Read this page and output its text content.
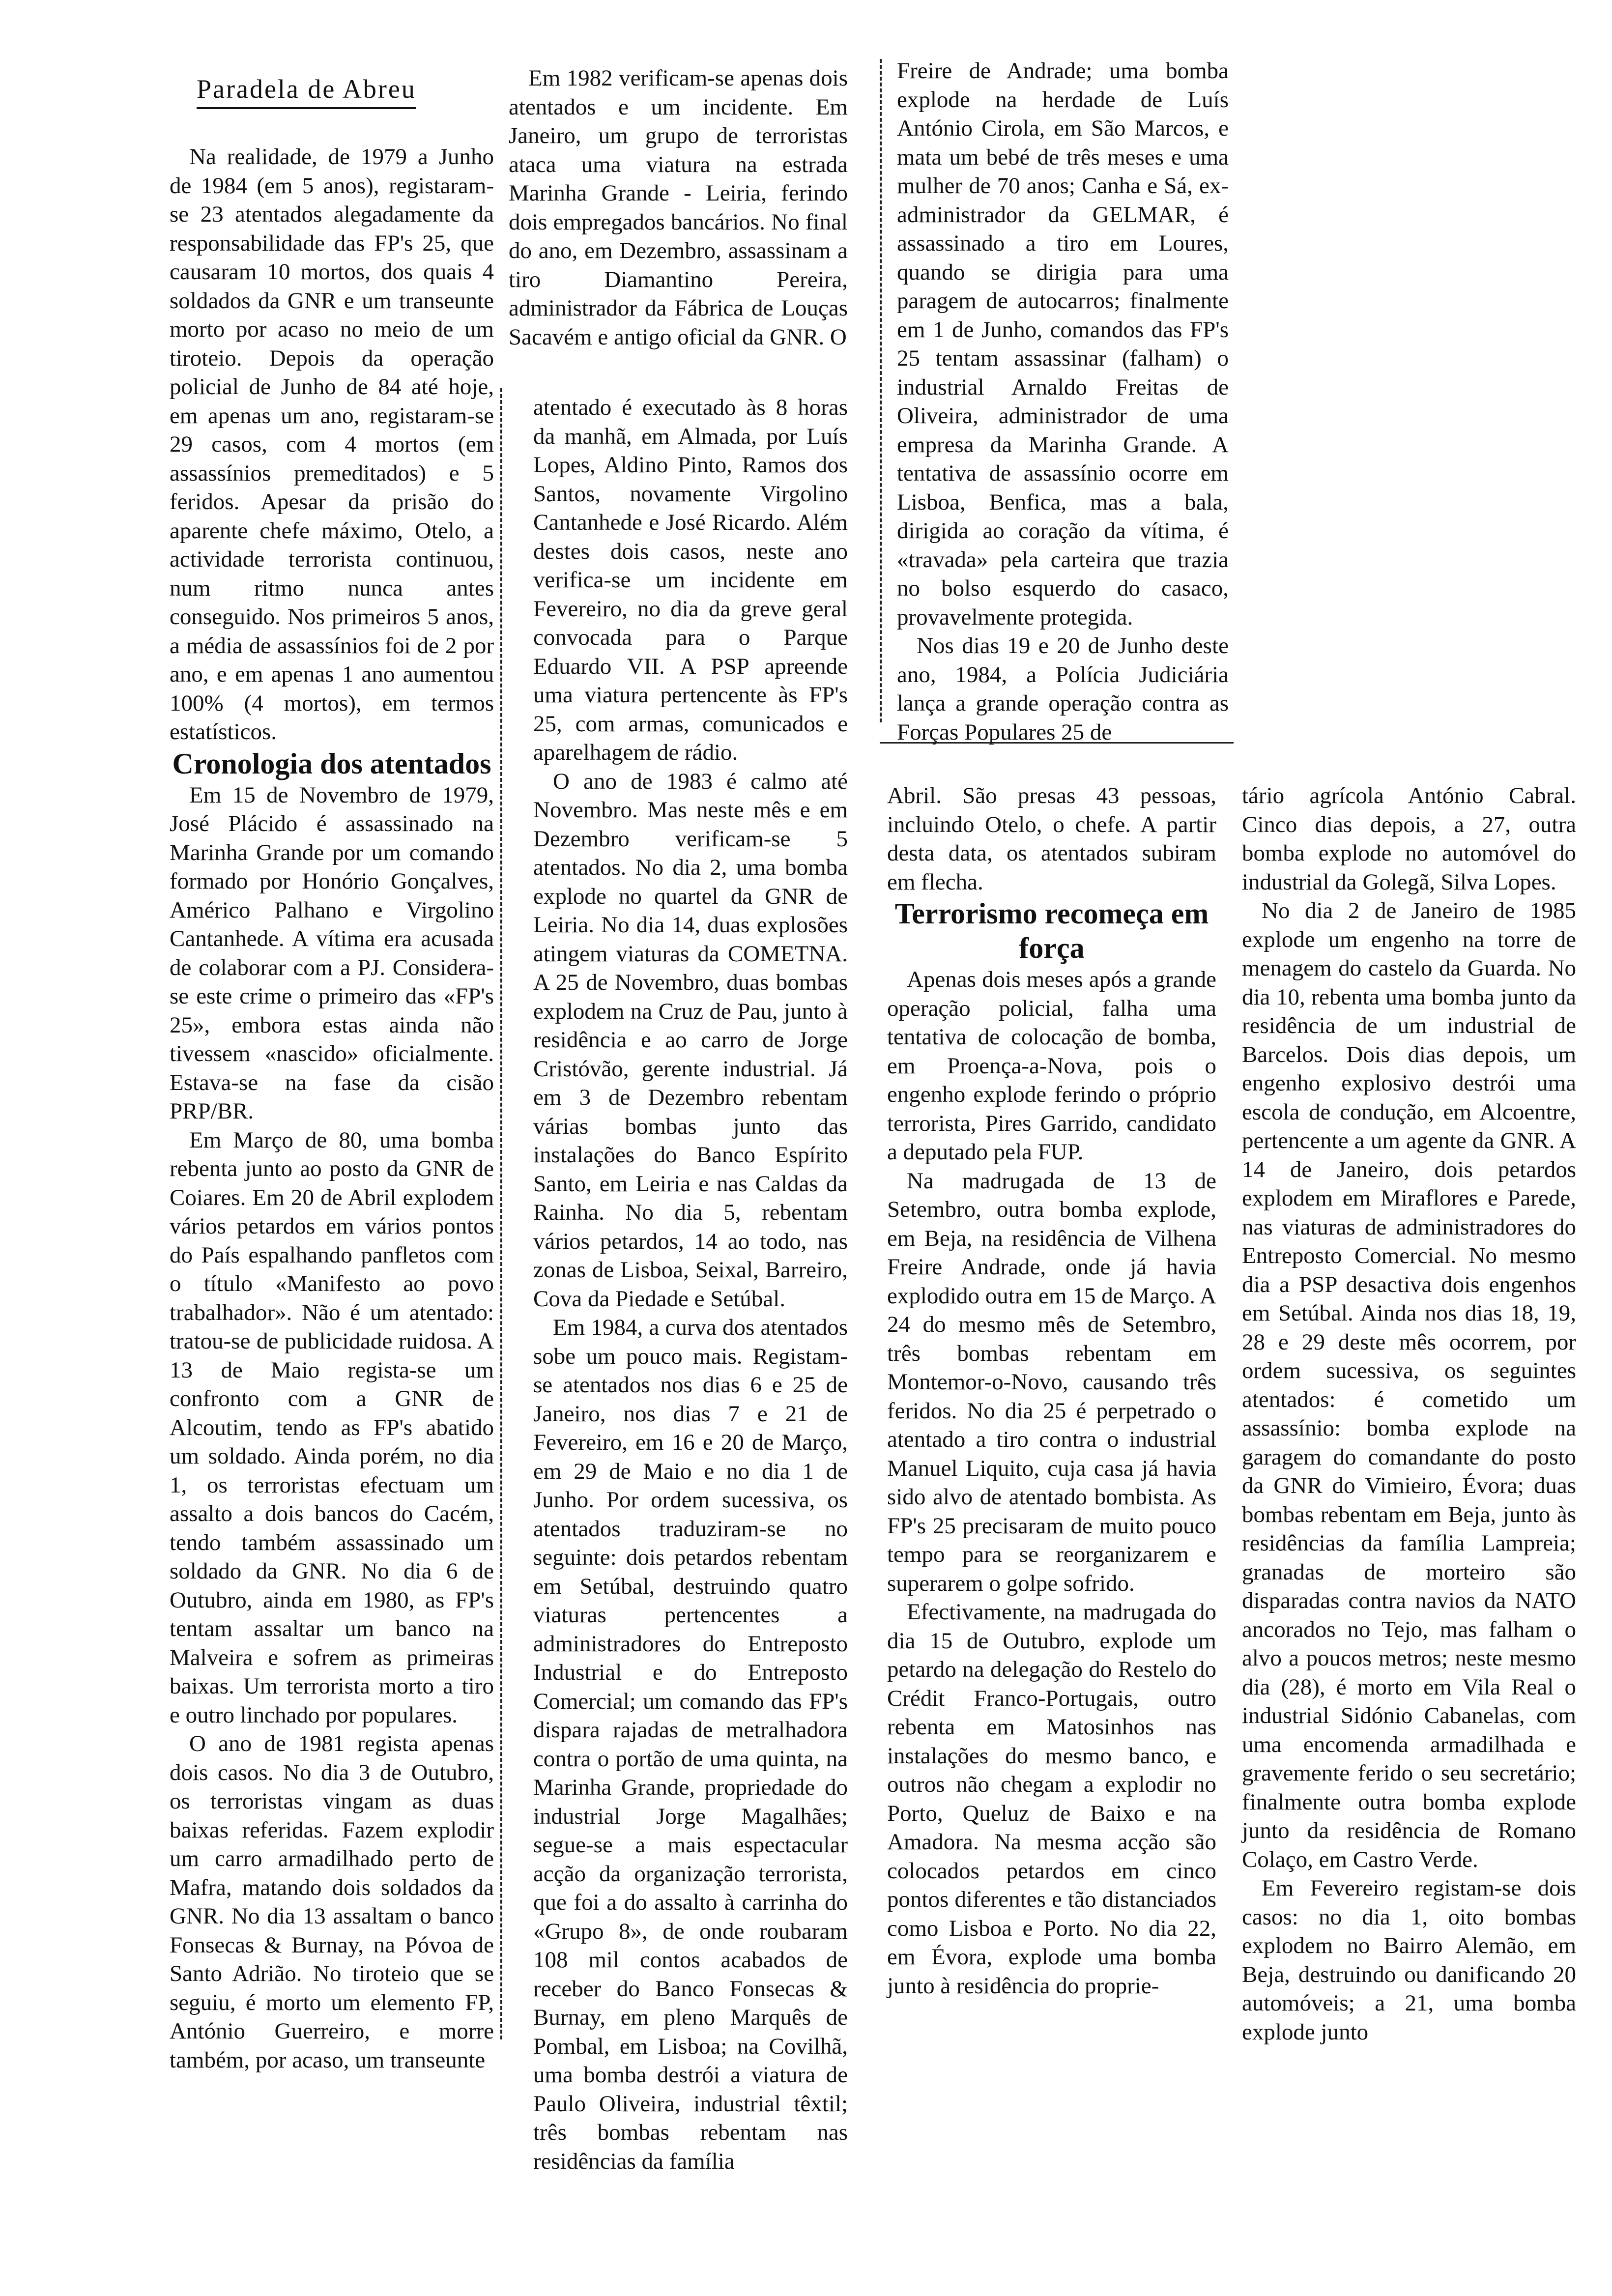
Paradela de Abreu

Na realidade, de 1979 a Junho de 1984 (em 5 anos), registaram-se 23 atentados alegadamente da responsabilidade das FP's 25, que causaram 10 mortos, dos quais 4 soldados da GNR e um transeunte morto por acaso no meio de um tiroteio. Depois da operação policial de Junho de 84 até hoje, em apenas um ano, registaram-se 29 casos, com 4 mortos (em assassínios premeditados) e 5 feridos. Apesar da prisão do aparente chefe máximo, Otelo, a actividade terrorista continuou, num ritmo nunca antes conseguido. Nos primeiros 5 anos, a média de assassínios foi de 2 por ano, e em apenas 1 ano aumentou 100% (4 mortos), em termos estatísticos.

Cronologia dos atentados

Em 15 de Novembro de 1979, José Plácido é assassinado na Marinha Grande por um comando formado por Honório Gonçalves, Américo Palhano e Virgolino Cantanhede. A vítima era acusada de colaborar com a PJ. Considera-se este crime o primeiro das «FP's 25», embora estas ainda não tivessem «nascido» oficialmente. Estava-se na fase da cisão PRP/BR.

Em Março de 80, uma bomba rebenta junto ao posto da GNR de Coiares. Em 20 de Abril explodem vários petardos em vários pontos do País espalhando panfletos com o título «Manifesto ao povo trabalhador». Não é um atentado: tratou-se de publicidade ruidosa. A 13 de Maio regista-se um confronto com a GNR de Alcoutim, tendo as FP's abatido um soldado. Ainda porém, no dia 1, os terroristas efectuam um assalto a dois bancos do Cacém, tendo também assassinado um soldado da GNR. No dia 6 de Outubro, ainda em 1980, as FP's tentam assaltar um banco na Malveira e sofrem as primeiras baixas. Um terrorista morto a tiro e outro linchado por populares.

O ano de 1981 regista apenas dois casos. No dia 3 de Outubro, os terroristas vingam as duas baixas referidas. Fazem explodir um carro armadilhado perto de Mafra, matando dois soldados da GNR. No dia 13 assaltam o banco Fonsecas & Burnay, na Póvoa de Santo Adrião. No tiroteio que se seguiu, é morto um elemento FP, António Guerreiro, e morre também, por acaso, um transeunte

Em 1982 verificam-se apenas dois atentados e um incidente. Em Janeiro, um grupo de terroristas ataca uma viatura na estrada Marinha Grande - Leiria, ferindo dois empregados bancários. No final do ano, em Dezembro, assassinam a tiro Diamantino Pereira, administrador da Fábrica de Louças Sacavém e antigo oficial da GNR. O

atentado é executado às 8 horas da manhã, em Almada, por Luís Lopes, Aldino Pinto, Ramos dos Santos, novamente Virgolino Cantanhede e José Ricardo. Além destes dois casos, neste ano verifica-se um incidente em Fevereiro, no dia da greve geral convocada para o Parque Eduardo VII. A PSP apreende uma viatura pertencente às FP's 25, com armas, comunicados e aparelhagem de rádio.

O ano de 1983 é calmo até Novembro. Mas neste mês e em Dezembro verificam-se 5 atentados. No dia 2, uma bomba explode no quartel da GNR de Leiria. No dia 14, duas explosões atingem viaturas da COMETNA. A 25 de Novembro, duas bombas explodem na Cruz de Pau, junto à residência e ao carro de Jorge Cristóvão, gerente industrial. Já em 3 de Dezembro rebentam várias bombas junto das instalações do Banco Espírito Santo, em Leiria e nas Caldas da Rainha. No dia 5, rebentam vários petardos, 14 ao todo, nas zonas de Lisboa, Seixal, Barreiro, Cova da Piedade e Setúbal.

Em 1984, a curva dos atentados sobe um pouco mais. Registam-se atentados nos dias 6 e 25 de Janeiro, nos dias 7 e 21 de Fevereiro, em 16 e 20 de Março, em 29 de Maio e no dia 1 de Junho. Por ordem sucessiva, os atentados traduziram-se no seguinte: dois petardos rebentam em Setúbal, destruindo quatro viaturas pertencentes a administradores do Entreposto Industrial e do Entreposto Comercial; um comando das FP's dispara rajadas de metralhadora contra o portão de uma quinta, na Marinha Grande, propriedade do industrial Jorge Magalhães; segue-se a mais espectacular acção da organização terrorista, que foi a do assalto à carrinha do «Grupo 8», de onde roubaram 108 mil contos acabados de receber do Banco Fonsecas & Burnay, em pleno Marquês de Pombal, em Lisboa; na Covilhã, uma bomba destrói a viatura de Paulo Oliveira, industrial têxtil; três bombas rebentam nas residências da família

Freire de Andrade; uma bomba explode na herdade de Luís António Cirola, em São Marcos, e mata um bebé de três meses e uma mulher de 70 anos; Canha e Sá, ex-administrador da GELMAR, é assassinado a tiro em Loures, quando se dirigia para uma paragem de autocarros; finalmente em 1 de Junho, comandos das FP's 25 tentam assassinar (falham) o industrial Arnaldo Freitas de Oliveira, administrador de uma empresa da Marinha Grande. A tentativa de assassínio ocorre em Lisboa, Benfica, mas a bala, dirigida ao coração da vítima, é «travada» pela carteira que trazia no bolso esquerdo do casaco, provavelmente protegida.

Nos dias 19 e 20 de Junho deste ano, 1984, a Polícia Judiciária lança a grande operação contra as Forças Populares 25 de

Abril. São presas 43 pessoas, incluindo Otelo, o chefe. A partir desta data, os atentados subiram em flecha.

Terrorismo recomeça em força

Apenas dois meses após a grande operação policial, falha uma tentativa de colocação de bomba, em Proença-a-Nova, pois o engenho explode ferindo o próprio terrorista, Pires Garrido, candidato a deputado pela FUP.

Na madrugada de 13 de Setembro, outra bomba explode, em Beja, na residência de Vilhena Freire Andrade, onde já havia explodido outra em 15 de Março. A 24 do mesmo mês de Setembro, três bombas rebentam em Montemor-o-Novo, causando três feridos. No dia 25 é perpetrado o atentado a tiro contra o industrial Manuel Liquito, cuja casa já havia sido alvo de atentado bombista. As FP's 25 precisaram de muito pouco tempo para se reorganizarem e superarem o golpe sofrido.

Efectivamente, na madrugada do dia 15 de Outubro, explode um petardo na delegação do Restelo do Crédit Franco-Portugais, outro rebenta em Matosinhos nas instalações do mesmo banco, e outros não chegam a explodir no Porto, Queluz de Baixo e na Amadora. Na mesma acção são colocados petardos em cinco pontos diferentes e tão distanciados como Lisboa e Porto. No dia 22, em Évora, explode uma bomba junto à residência do proprie-

tário agrícola António Cabral. Cinco dias depois, a 27, outra bomba explode no automóvel do industrial da Golegã, Silva Lopes.

No dia 2 de Janeiro de 1985 explode um engenho na torre de menagem do castelo da Guarda. No dia 10, rebenta uma bomba junto da residência de um industrial de Barcelos. Dois dias depois, um engenho explosivo destrói uma escola de condução, em Alcoentre, pertencente a um agente da GNR. A 14 de Janeiro, dois petardos explodem em Miraflores e Parede, nas viaturas de administradores do Entreposto Comercial. No mesmo dia a PSP desactiva dois engenhos em Setúbal. Ainda nos dias 18, 19, 28 e 29 deste mês ocorrem, por ordem sucessiva, os seguintes atentados: é cometido um assassínio: bomba explode na garagem do comandante do posto da GNR do Vimieiro, Évora; duas bombas rebentam em Beja, junto às residências da família Lampreia; granadas de morteiro são disparadas contra navios da NATO ancorados no Tejo, mas falham o alvo a poucos metros; neste mesmo dia (28), é morto em Vila Real o industrial Sidónio Cabanelas, com uma encomenda armadilhada e gravemente ferido o seu secretário; finalmente outra bomba explode junto da residência de Romano Colaço, em Castro Verde.

Em Fevereiro registam-se dois casos: no dia 1, oito bombas explodem no Bairro Alemão, em Beja, destruindo ou danificando 20 automóveis; a 21, uma bomba explode junto
